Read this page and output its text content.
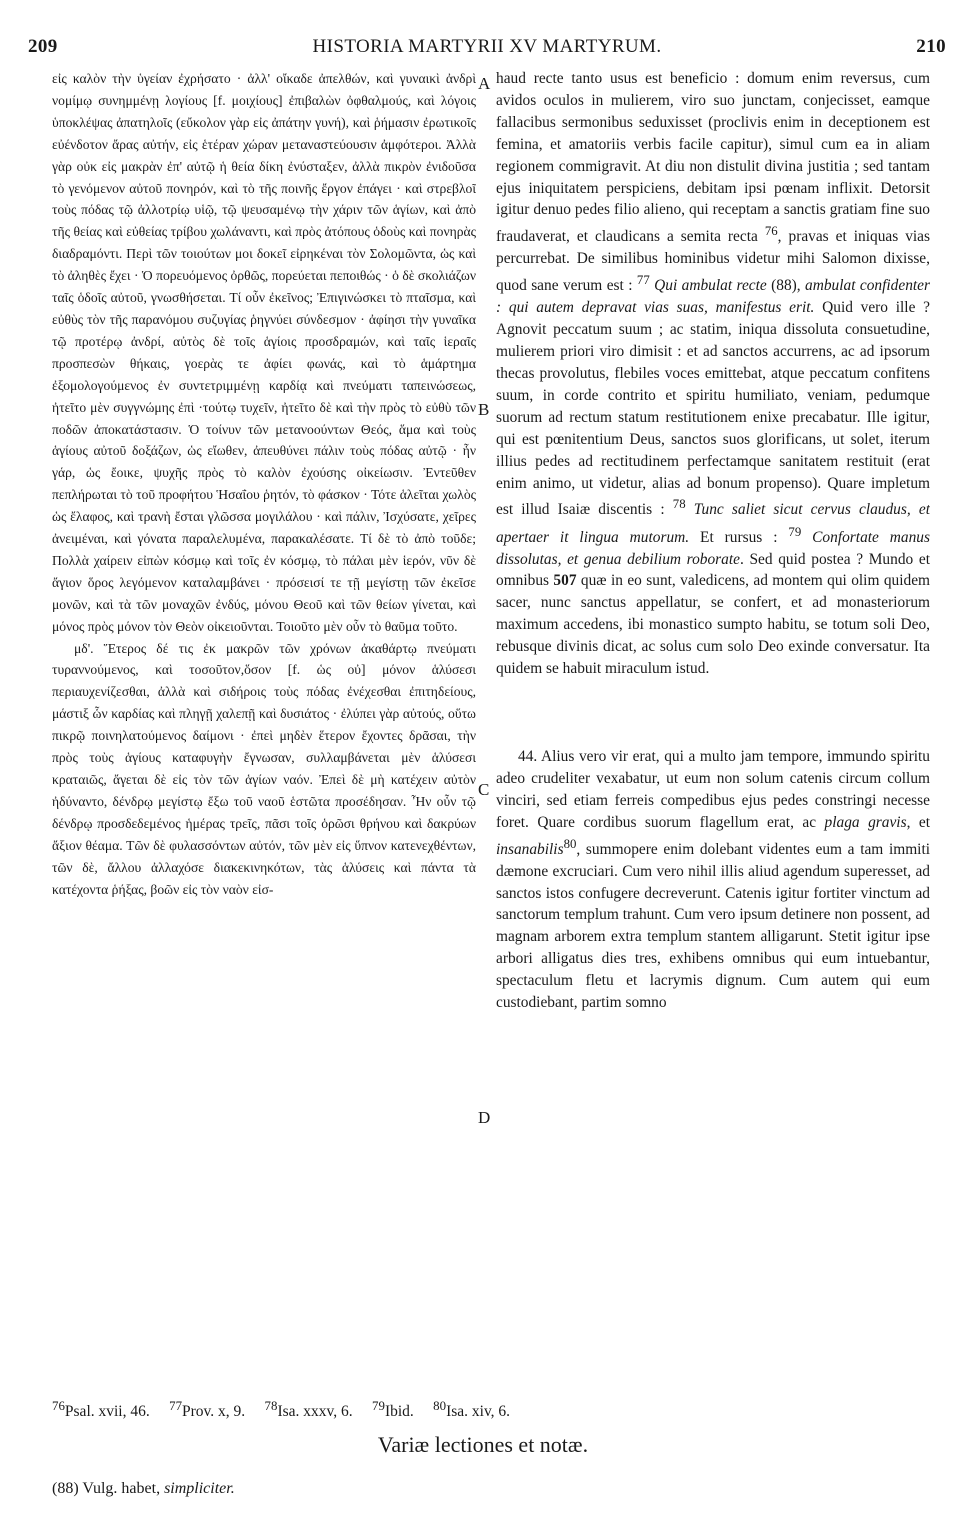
209	HISTORIA MARTYRII XV MARTYRUM.	210

εἰς καλὸν τὴν ὑγείαν ἐχρήσατο · ἀλλ' οἴκαδε ἀπελθών, καὶ γυναικὶ ἀνδρὶ νομίμῳ συνημμένῃ λογίους [f. μοιχίους] ἐπιβαλὼν ὀφθαλμούς, καὶ λόγοις ὑποκλέψας ἀπατηλοῖς (εὔκολον γὰρ εἰς ἀπάτην γυνή), καὶ ῥήμασιν ἐρωτικοῖς εὐένδοτον ἄρας αὐτήν, εἰς ἑτέραν χώραν μεταναστεύουσιν ἀμφότεροι. Ἀλλὰ γὰρ οὐκ εἰς μακρὰν ἐπ' αὐτῷ ἡ θεία δίκη ἐνύσταξεν, ἀλλὰ πικρὸν ἐνιδοῦσα τὸ γενόμενον αὐτοῦ πονηρόν, καὶ τὸ τῆς ποινῆς ἔργον ἐπάγει · καὶ στρεβλοῖ τοὺς πόδας τῷ ἀλλοτρίῳ υἱῷ, τῷ ψευσαμένῳ τὴν χάριν τῶν ἁγίων, καὶ ἀπὸ τῆς θείας καὶ εὐθείας τρίβου χωλάναντι, καὶ πρὸς ἀτόπους ὁδοὺς καὶ πονηρὰς διαδραμόντι. Περὶ τῶν τοιούτων μοι δοκεῖ εἰρηκέναι τὸν Σολομῶντα, ὡς καὶ τὸ ἀληθὲς ἔχει · Ὁ πορευόμενος ὀρθῶς, πορεύεται πεποιθώς · ὁ δὲ σκολιάζων ταῖς ὁδοῖς αὐτοῦ, γνωσθήσεται. Τί οὖν ἐκεῖνος; Ἐπιγινώσκει τὸ πταῖσμα, καὶ εὐθὺς τὸν τῆς παρανόμου συζυγίας ῥηγνύει σύνδεσμον · ἀφίησι τὴν γυναῖκα τῷ προτέρῳ ἀνδρί, αὐτὸς δὲ τοῖς ἁγίοις προσδραμών, καὶ ταῖς ἱεραῖς προσπεσὼν θήκαις, γοερὰς τε ἀφίει φωνάς, καὶ τὸ ἁμάρτημα ἐξομολογούμενος ἐν συντετριμμένῃ καρδίᾳ καὶ πνεύματι ταπεινώσεως, ἠτεῖτο μὲν συγγνώμης ἐπὶ ·τούτῳ τυχεῖν, ἠτεῖτο δὲ καὶ τὴν πρὸς τὸ εὐθὺ τῶν ποδῶν ἀποκατάστασιν. Ὁ τοίνυν τῶν μετανοούντων Θεός, ἅμα καὶ τοὺς ἁγίους αὐτοῦ δοξάζων, ὡς εἴωθεν, ἀπευθύνει πάλιν τοὺς πόδας αὐτῷ · ἦν γάρ, ὡς ἔοικε, ψυχῆς πρὸς τὸ καλὸν ἐχούσης οἰκείωσιν. Ἐντεῦθεν πεπλήρωται τὸ τοῦ προφήτου Ἡσαΐου ῥητόν, τὸ φάσκον · Τότε ἁλεῖται χωλὸς ὡς ἔλαφος, καὶ τρανὴ ἔσται γλῶσσα μογιλάλου · καὶ πάλιν, Ἰσχύσατε, χεῖρες ἀνειμέναι, καὶ γόνατα παραλελυμένα, παρακαλέσατε. Τί δὲ τὸ ἀπὸ τοῦδε; Πολλὰ χαίρειν εἰπὼν κόσμῳ καὶ τοῖς ἐν κόσμῳ, τὸ πάλαι μὲν ἱερόν, νῦν δὲ ἄγιον ὅρος λεγόμενον καταλαμβάνει · πρόσεισί τε τῇ μεγίστῃ τῶν ἐκεῖσε μονῶν, καὶ τὰ τῶν μοναχῶν ἐνδύς, μόνου Θεοῦ καὶ τῶν θείων γίνεται, καὶ μόνος πρὸς μόνον τὸν Θεὸν οἰκειοῦνται. Τοιοῦτο μὲν οὖν τὸ θαῦμα τοῦτο.

μδ'. Ἕτερος δέ τις ἐκ μακρῶν τῶν χρόνων ἀκαθάρτῳ πνεύματι τυραννούμενος, καὶ τοσοῦτον,ὅσον [f. ὡς οὐ] μόνον ἁλύσεσι περιαυχενίζεσθαι, ἀλλὰ καὶ σιδήροις τοὺς πόδας ἐνέχεσθαι ἐπιτηδείους, μάστιξ ὧν καρδίας καὶ πληγῇ χαλεπῇ καὶ δυσιάτος · ἐλύπει γὰρ αὐτούς, οὕτω πικρῷ ποινηλατούμενος δαίμονι · ἐπεὶ μηδὲν ἕτερον ἔχοντες δρᾶσαι, τὴν πρὸς τοὺς ἁγίους καταφυγὴν ἔγνωσαν, συλλαμβάνεται μὲν ἁλύσεσι κραταιῶς, ἄγεται δὲ εἰς τὸν τῶν ἁγίων ναόν. Ἐπεὶ δὲ μὴ κατέχειν αὐτὸν ἠδύναντο, δένδρῳ μεγίστῳ ἔξω τοῦ ναοῦ ἑστῶτα προσέδησαν. Ἦν οὖν τῷ δένδρῳ προσδεδεμένος ἡμέρας τρεῖς, πᾶσι τοῖς ὁρῶσι θρήνου καὶ δακρύων ἄξιον θέαμα. Τῶν δὲ φυλασσόντων αὐτόν, τῶν μὲν εἰς ὕπνον κατενεχθέντων, τῶν δὲ, ἄλλου ἀλλαχόσε διακεκινηκότων, τὰς ἁλύσεις καὶ πάντα τὰ κατέχοντα ῥήξας, βοῶν εἰς τὸν ναὸν εἰσ-

A
B
C
D

haud recte tanto usus est beneficio : domum enim reversus, cum avidos oculos in mulierem, viro suo junctam, conjecisset, eamque fallacibus sermonibus seduxisset (proclivis enim in deceptionem est femina, et amatoriis verbis facile capitur), simul cum ea in aliam regionem commigravit. At diu non distulit divina justitia ; sed tantam ejus iniquitatem perspiciens, debitam ipsi pœnam inflixit. Detorsit igitur denuo pedes filio alieno, qui receptam a sanctis gratiam fine suo fraudaverat, et claudicans a semita recta $^{76}$, pravas et iniquas vias percurrebat. De similibus hominibus videtur mihi Salomon dixisse, quod sane verum est : $^{77}$ Qui ambulat recte (88), ambulat confidenter : qui autem depravat vias suas, manifestus erit. Quid vero ille ? Agnovit peccatum suum ; ac statim, iniqua dissoluta consuetudine, mulierem priori viro dimisit : et ad sanctos accurrens, ac ad ipsorum thecas provolutus, flebiles voces emittebat, atque peccatum confitens suum, in corde contrito et spiritu humiliato, veniam, pedumque suorum ad rectum statum restitutionem enixe precabatur. Ille igitur, qui est pœnitentium Deus, sanctos suos glorificans, ut solet, iterum illius pedes ad rectitudinem perfectamque sanitatem restituit (erat enim animo, ut videtur, alias ad bonum propenso). Quare impletum est illud Isaiæ discentis : $^{78}$ Tunc saliet sicut cervus claudus, et apertaer it lingua mutorum. Et rursus : $^{79}$ Confortate manus dissolutas, et genua debilium roborate. Sed quid postea ? Mundo et omnibus 507 quæ in eo sunt, valedicens, ad montem qui olim quidem sacer, nunc sanctus appellatur, se confert, et ad monasteriorum maximum accedens, ibi monastico sumpto habitu, se totum soli Deo, rebusque divinis dicat, ac solus cum solo Deo exinde conversatur. Ita quidem se habuit miraculum istud.

44. Alius vero vir erat, qui a multo jam tempore, immundo spiritu adeo crudeliter vexabatur, ut eum non solum catenis circum collum vinciri, sed etiam ferreis compedibus ejus pedes constringi necesse foret. Quare cordibus suorum flagellum erat, ac plaga gravis, et insanabilis$^{80}$, summopere enim dolebant videntes eum a tam immiti dæmone excruciari. Cum vero nihil illis aliud agendum superesset, ad sanctos istos confugere decreverunt. Catenis igitur fortiter vinctum ad sanctorum templum trahunt. Cum vero ipsum detinere non possent, ad magnam arborem extra templum stantem alligarunt. Stetit igitur ipse arbori alligatus dies tres, exhibens omnibus qui eum intuebantur, spectaculum fletu et lacrymis dignum. Cum autem qui eum custodiebant, partim somno

$^{76}$Psal. xvii, 46. $^{77}$Prov. x, 9. $^{78}$Isa. xxxv, 6. $^{79}$Ibid. $^{80}$Isa. xiv, 6.
Variæ lectiones et notæ.
(88) Vulg. habet, simpliciter.
